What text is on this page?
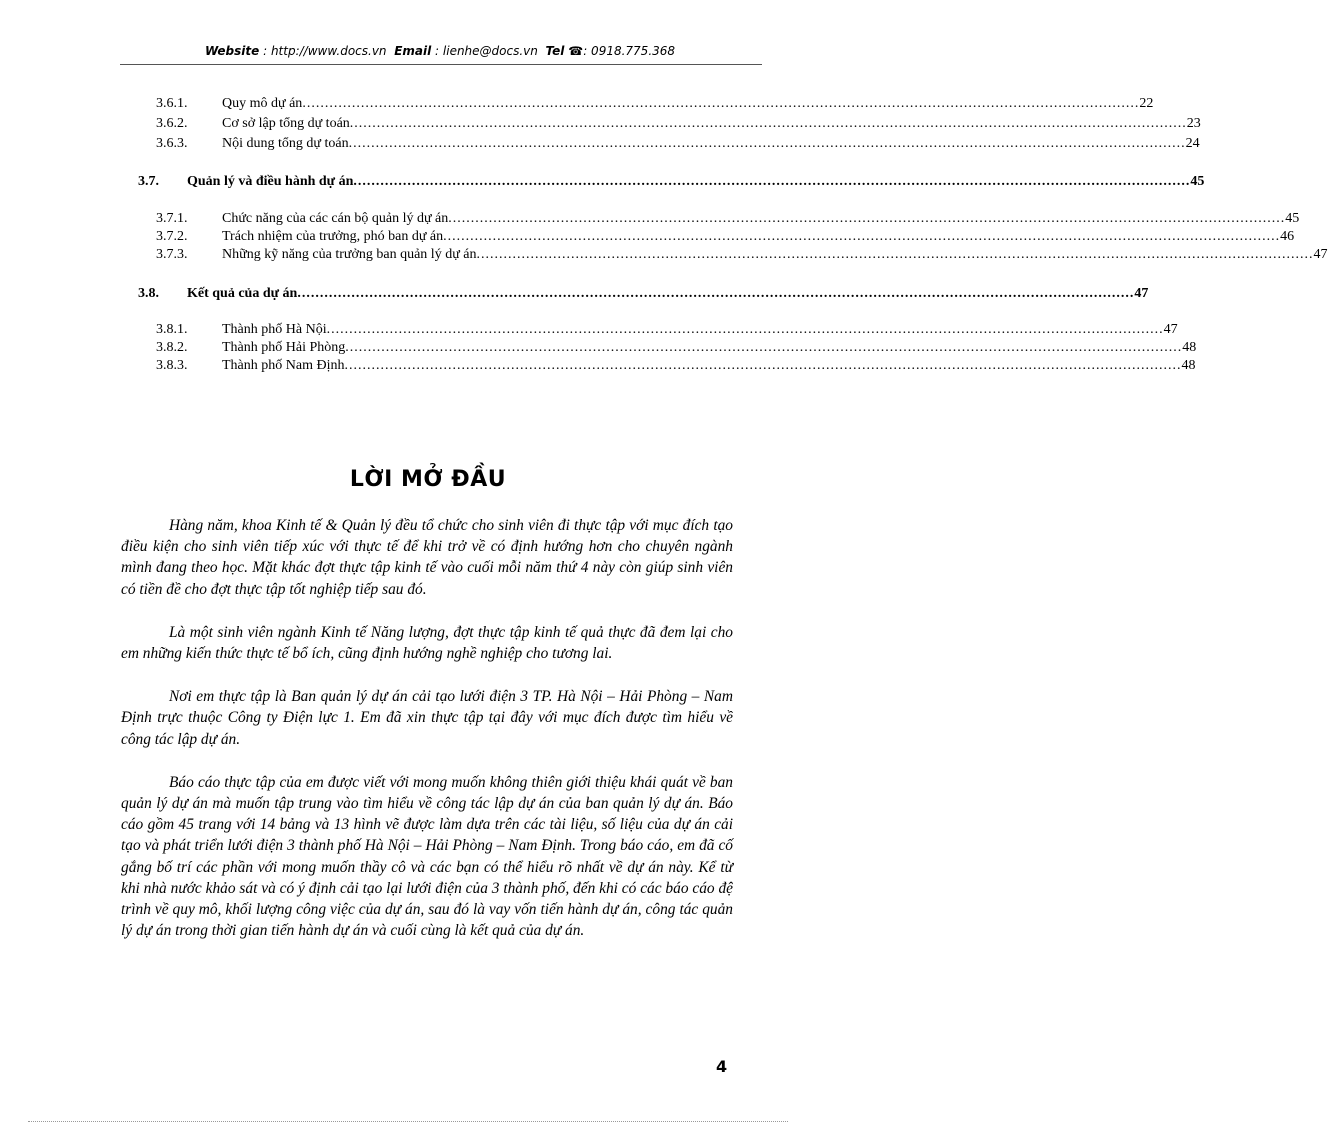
Website : http://www.docs.vn Email : lienhe@docs.vn Tel ☎: 0918.775.368
3.6.1.	Quy mô dự án .......................................................................................................................................................................................... 22
3.6.2.	Cơ sở lập tổng dự toán .......................................................................................................................................................................................... 23
3.6.3.	Nội dung tổng dự toán .......................................................................................................................................................................................... 24
3.7.	Quản lý và điều hành dự án .......................................................................................................................................................................................... 45
3.7.1.	Chức năng của các cán bộ quản lý dự án .......................................................................................................................................................................................... 45
3.7.2.	Trách nhiệm của trưởng, phó ban dự án .......................................................................................................................................................................................... 46
3.7.3.	Những kỹ năng của trưởng ban quản lý dự án .......................................................................................................................................................................................... 47
3.8.	Kết quả của dự án .......................................................................................................................................................................................... 47
3.8.1.	Thành phố Hà Nội .......................................................................................................................................................................................... 47
3.8.2.	Thành phố Hải Phòng .......................................................................................................................................................................................... 48
3.8.3.	Thành phố Nam Định .......................................................................................................................................................................................... 48
LỜI MỞ ĐẦU

Hàng năm, khoa Kinh tế & Quản lý đều tổ chức cho sinh viên đi thực tập với mục đích tạo điều kiện cho sinh viên tiếp xúc với thực tế để khi trở về có định hướng hơn cho chuyên ngành mình đang theo học. Mặt khác đợt thực tập kinh tế vào cuối mỗi năm thứ 4 này còn giúp sinh viên có tiền đề cho đợt thực tập tốt nghiệp tiếp sau đó.

Là một sinh viên ngành Kinh tế Năng lượng, đợt thực tập kinh tế quả thực đã đem lại cho em những kiến thức thực tế bổ ích, cũng định hướng nghề nghiệp cho tương lai.

Nơi em thực tập là Ban quản lý dự án cải tạo lưới điện 3 TP. Hà Nội – Hải Phòng – Nam Định trực thuộc Công ty Điện lực 1. Em đã xin thực tập tại đây với mục đích được tìm hiểu về công tác lập dự án.

Báo cáo thực tập của em được viết với mong muốn không thiên giới thiệu khái quát về ban quản lý dự án mà muốn tập trung vào tìm hiểu về công tác lập dự án của ban quản lý dự án. Báo cáo gồm 45 trang với 14 bảng và 13 hình vẽ được làm dựa trên các tài liệu, số liệu của dự án cải tạo và phát triển lưới điện 3 thành phố Hà Nội – Hải Phòng – Nam Định. Trong báo cáo, em đã cố gắng bố trí các phần với mong muốn thầy cô và các bạn có thể hiểu rõ nhất về dự án này. Kể từ khi nhà nước khảo sát và có ý định cải tạo lại lưới điện của 3 thành phố, đến khi có các báo cáo đệ trình về quy mô, khối lượng công việc của dự án, sau đó là vay vốn tiến hành dự án, công tác quản lý dự án trong thời gian tiến hành dự án và cuối cùng là kết quả của dự án.

4
